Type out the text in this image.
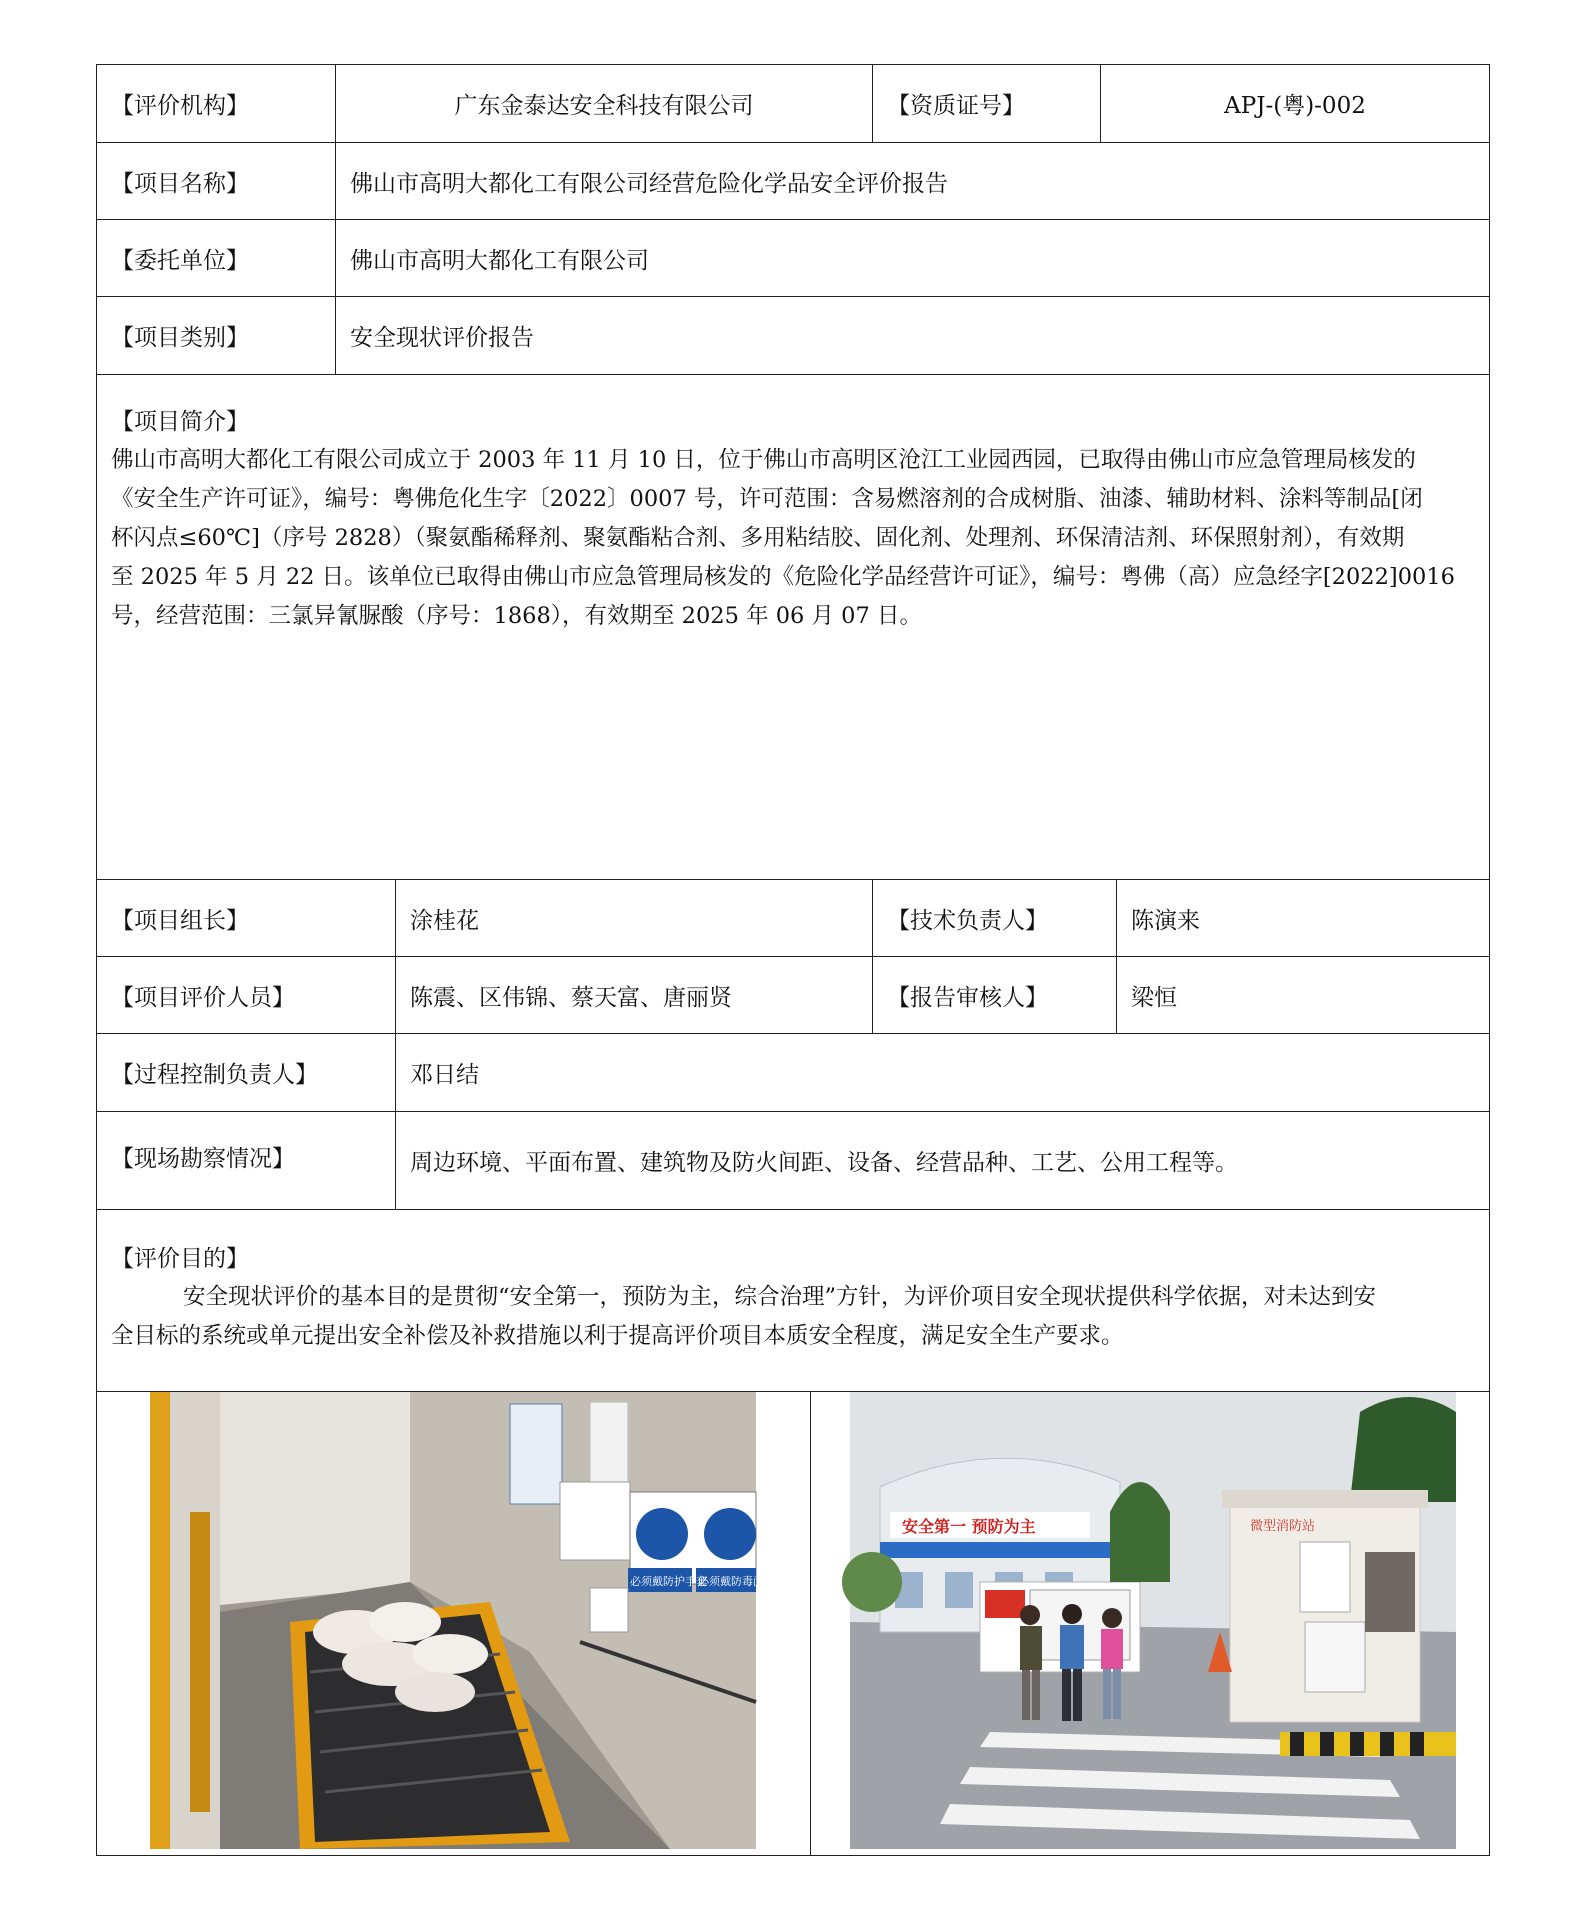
【评价机构】	广东金泰达安全科技有限公司	【资质证号】	APJ-(粤)-002
【项目名称】	佛山市高明大都化工有限公司经营危险化学品安全评价报告
【委托单位】	佛山市高明大都化工有限公司
【项目类别】	安全现状评价报告
【项目简介】
佛山市高明大都化工有限公司成立于 2003 年 11 月 10 日，位于佛山市高明区沧江工业园西园，已取得由佛山市应急管理局核发的
《安全生产许可证》，编号：粤佛危化生字〔2022〕0007 号，许可范围：含易燃溶剂的合成树脂、油漆、辅助材料、涂料等制品[闭
杯闪点≤60℃]（序号 2828）（聚氨酯稀释剂、聚氨酯粘合剂、多用粘结胶、固化剂、处理剂、环保清洁剂、环保照射剂），有效期
至 2025 年 5 月 22 日。该单位已取得由佛山市应急管理局核发的《危险化学品经营许可证》，编号：粤佛（高）应急经字[2022]0016
号，经营范围：三氯异氰脲酸（序号：1868），有效期至 2025 年 06 月 07 日。
【项目组长】	涂桂花	【技术负责人】	陈演来
【项目评价人员】	陈震、区伟锦、蔡天富、唐丽贤	【报告审核人】	梁恒
【过程控制负责人】	邓日结
【现场勘察情况】	周边环境、平面布置、建筑物及防火间距、设备、经营品种、工艺、公用工程等。
【评价目的】
安全现状评价的基本目的是贯彻“安全第一，预防为主，综合治理”方针，为评价项目安全现状提供科学依据，对未达到安
全目标的系统或单元提出安全补偿及补救措施以利于提高评价项目本质安全程度，满足安全生产要求。
必须戴防护手套
必须戴防毒面
安全第一 预防为主	微型消防站
